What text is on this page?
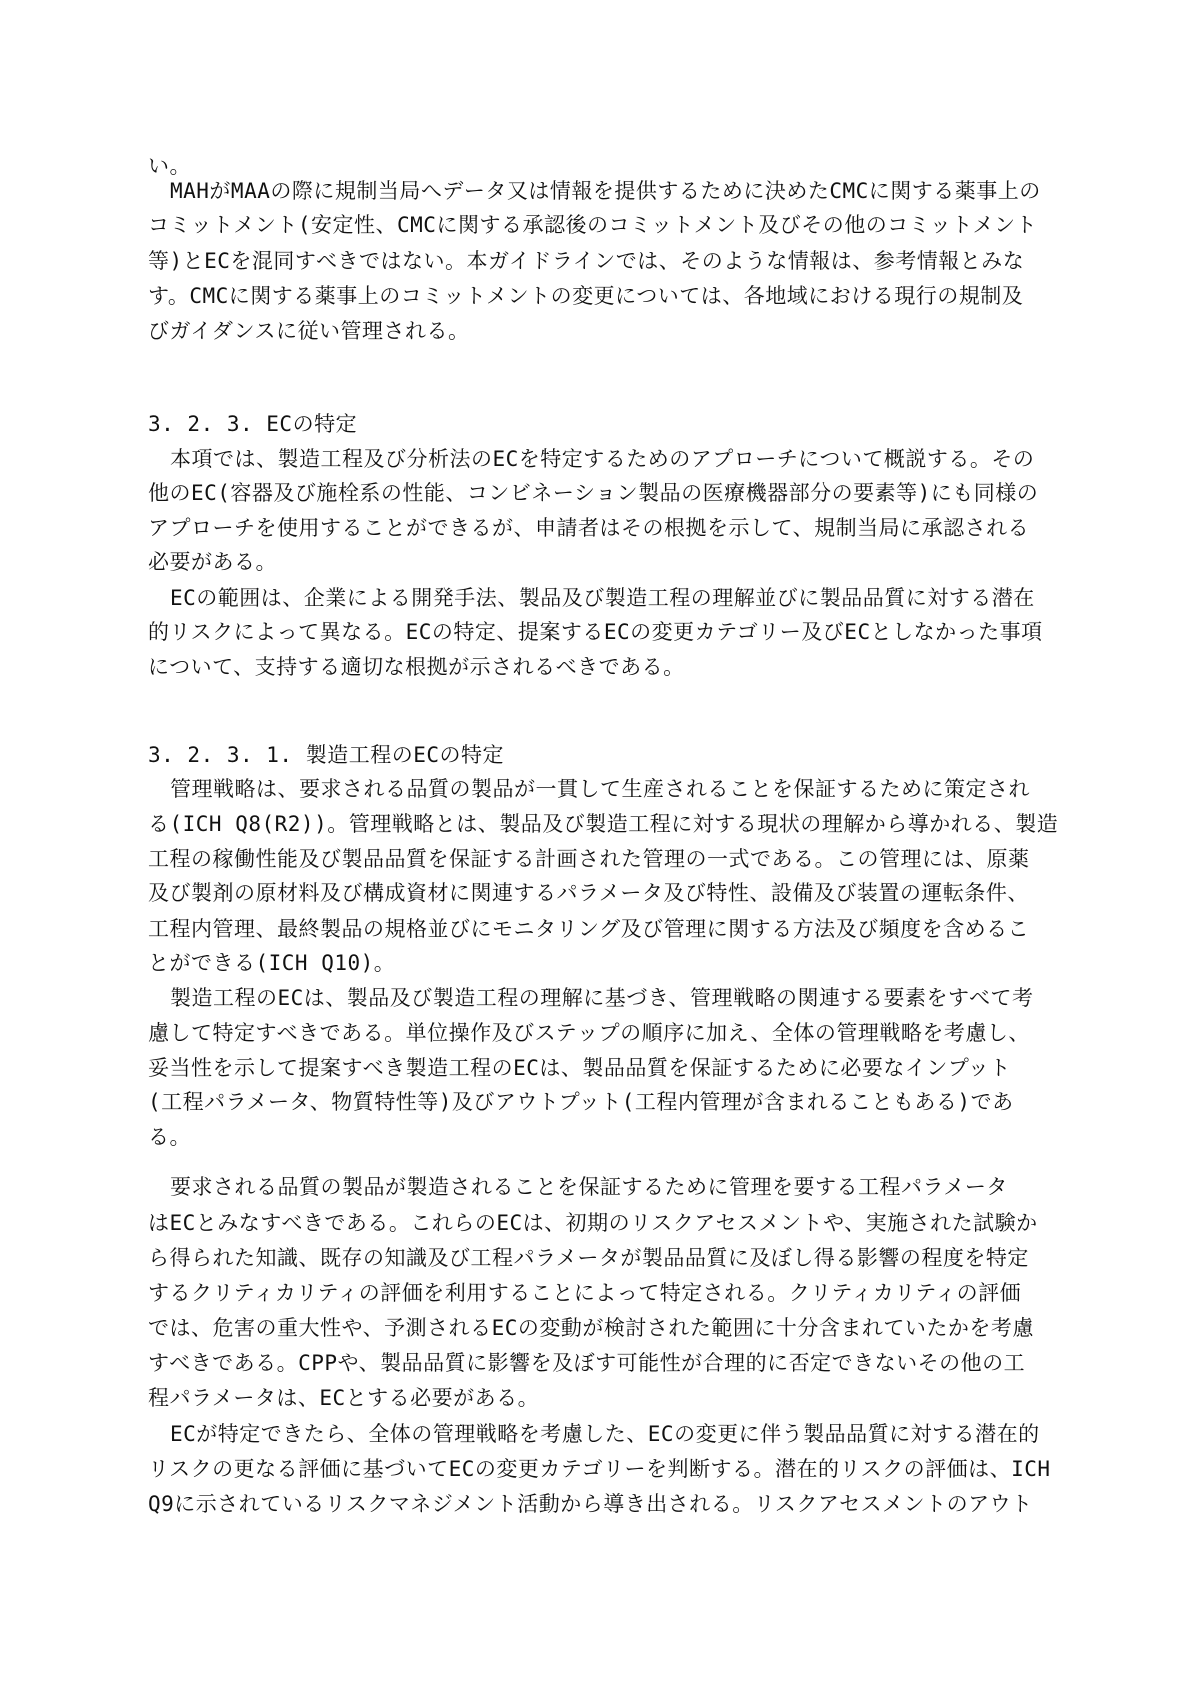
い。
MAHがMAAの際に規制当局へデータ又は情報を提供するために決めたCMCに関する薬事上の
コミットメント(安定性、CMCに関する承認後のコミットメント及びその他のコミットメント
等)とECを混同すべきではない。本ガイドラインでは、そのような情報は、参考情報とみな
す。CMCに関する薬事上のコミットメントの変更については、各地域における現行の規制及
びガイダンスに従い管理される。
3. 2. 3. ECの特定
本項では、製造工程及び分析法のECを特定するためのアプローチについて概説する。その
他のEC(容器及び施栓系の性能、コンビネーション製品の医療機器部分の要素等)にも同様の
アプローチを使用することができるが、申請者はその根拠を示して、規制当局に承認される
必要がある。
ECの範囲は、企業による開発手法、製品及び製造工程の理解並びに製品品質に対する潜在
的リスクによって異なる。ECの特定、提案するECの変更カテゴリー及びECとしなかった事項
について、支持する適切な根拠が示されるべきである。
3. 2. 3. 1. 製造工程のECの特定
管理戦略は、要求される品質の製品が一貫して生産されることを保証するために策定され
る(ICH Q8(R2))。管理戦略とは、製品及び製造工程に対する現状の理解から導かれる、製造
工程の稼働性能及び製品品質を保証する計画された管理の一式である。この管理には、原薬
及び製剤の原材料及び構成資材に関連するパラメータ及び特性、設備及び装置の運転条件、
工程内管理、最終製品の規格並びにモニタリング及び管理に関する方法及び頻度を含めるこ
とができる(ICH Q10)。
製造工程のECは、製品及び製造工程の理解に基づき、管理戦略の関連する要素をすべて考
慮して特定すべきである。単位操作及びステップの順序に加え、全体の管理戦略を考慮し、
妥当性を示して提案すべき製造工程のECは、製品品質を保証するために必要なインプット
(工程パラメータ、物質特性等)及びアウトプット(工程内管理が含まれることもある)であ
る。
要求される品質の製品が製造されることを保証するために管理を要する工程パラメータ
はECとみなすべきである。これらのECは、初期のリスクアセスメントや、実施された試験か
ら得られた知識、既存の知識及び工程パラメータが製品品質に及ぼし得る影響の程度を特定
するクリティカリティの評価を利用することによって特定される。クリティカリティの評価
では、危害の重大性や、予測されるECの変動が検討された範囲に十分含まれていたかを考慮
すべきである。CPPや、製品品質に影響を及ぼす可能性が合理的に否定できないその他の工
程パラメータは、ECとする必要がある。
ECが特定できたら、全体の管理戦略を考慮した、ECの変更に伴う製品品質に対する潜在的
リスクの更なる評価に基づいてECの変更カテゴリーを判断する。潜在的リスクの評価は、ICH
Q9に示されているリスクマネジメント活動から導き出される。リスクアセスメントのアウト
